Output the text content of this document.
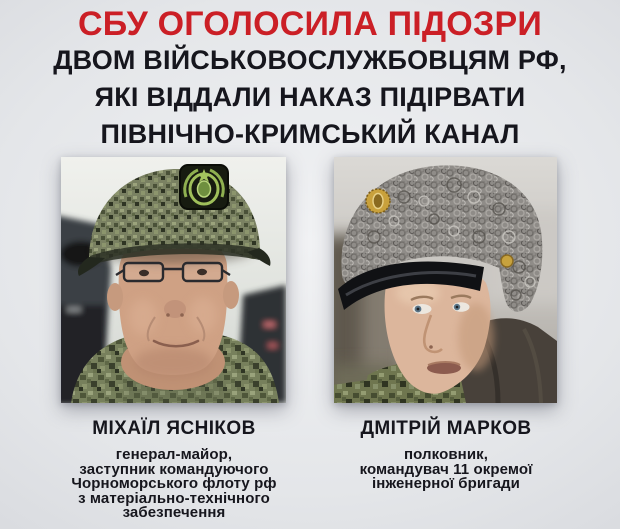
СБУ ОГОЛОСИЛА ПІДОЗРИ
ДВОМ ВІЙСЬКОВОСЛУЖБОВЦЯМ РФ,
ЯКІ ВІДДАЛИ НАКАЗ ПІДІРВАТИ
ПІВНІЧНО-КРИМСЬКИЙ КАНАЛ
МІХАЇЛ ЯСНІКОВ
генерал-майор,
заступник командуючого
Чорноморського флоту рф
з матеріально-технічного
забезпечення
ДМІТРІЙ МАРКОВ
полковник,
командувач 11 окремої
інженерної бригади
